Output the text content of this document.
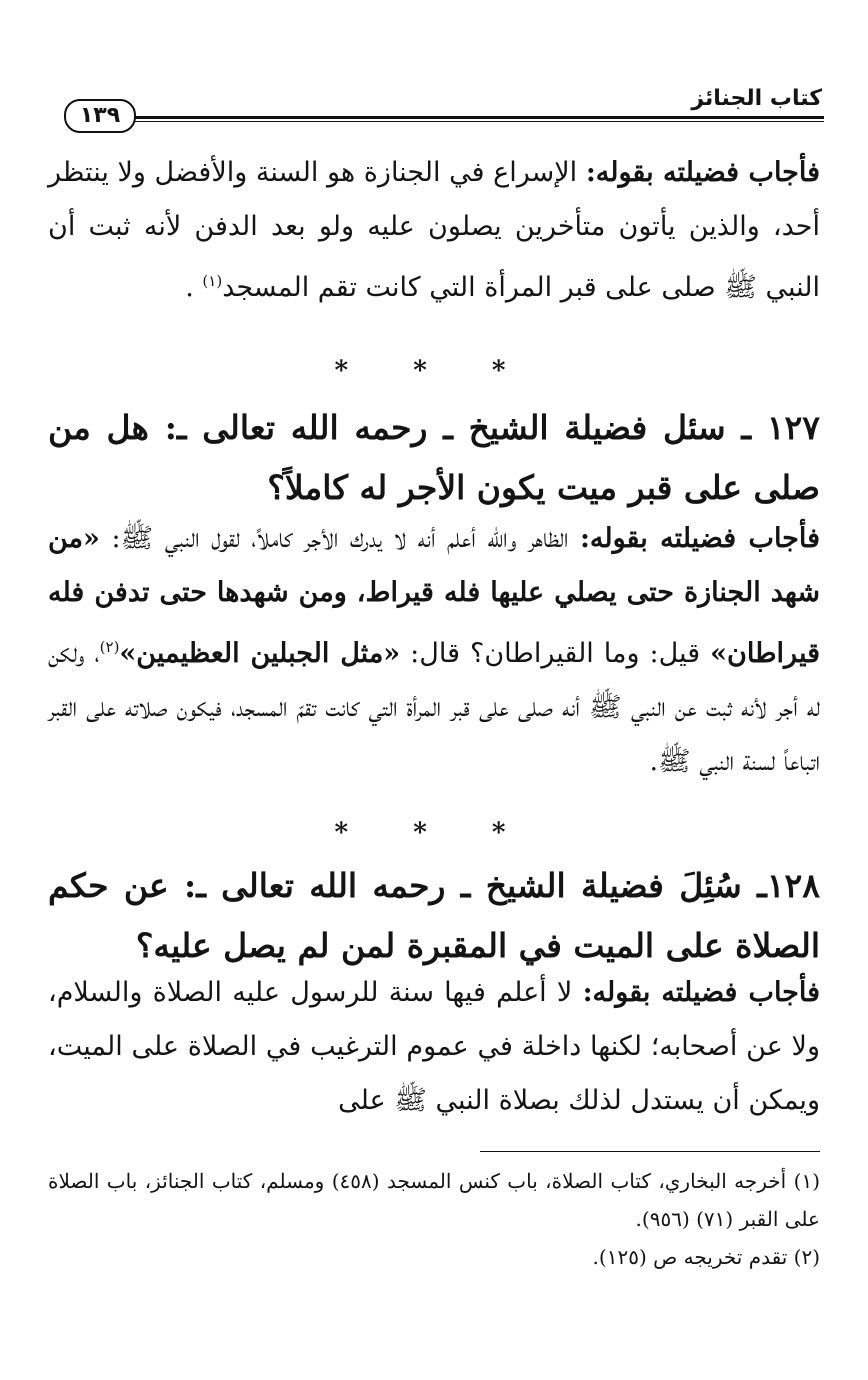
كتاب الجنائز
١٣٩

فأجاب فضيلته بقوله: الإسراع في الجنازة هو السنة والأفضل ولا ينتظر أحد، والذين يأتون متأخرين يصلون عليه ولو بعد الدفن لأنه ثبت أن النبي ﷺ صلى على قبر المرأة التي كانت تقم المسجد$^{(١)}$ .

* * *

١٢٧ ـ سئل فضيلة الشيخ ـ رحمه الله تعالى ـ: هل من صلى على قبر ميت يكون الأجر له كاملاً؟

فأجاب فضيلته بقوله: الظاهر والله أعلم أنه لا يدرك الأجر كاملاً، لقول النبي ﷺ: «من شهد الجنازة حتى يصلي عليها فله قيراط، ومن شهدها حتى تدفن فله قيراطان» قيل: وما القيراطان؟ قال: «مثل الجبلين العظيمين»$^{(٢)}$، ولكن له أجر لأنه ثبت عن النبي ﷺ أنه صلى على قبر المرأة التي كانت تقمّ المسجد، فيكون صلاته على القبر اتباعاً لسنة النبي ﷺ.

* * *

١٢٨ـ سُئِلَ فضيلة الشيخ ـ رحمه الله تعالى ـ: عن حكم الصلاة على الميت في المقبرة لمن لم يصل عليه؟

فأجاب فضيلته بقوله: لا أعلم فيها سنة للرسول عليه الصلاة والسلام، ولا عن أصحابه؛ لكنها داخلة في عموم الترغيب في الصلاة على الميت، ويمكن أن يستدل لذلك بصلاة النبي ﷺ على

(١) أخرجه البخاري، كتاب الصلاة، باب كنس المسجد (٤٥٨) ومسلم، كتاب الجنائز، باب الصلاة على القبر (٧١) (٩٥٦).

(٢) تقدم تخريجه ص (١٢٥).
